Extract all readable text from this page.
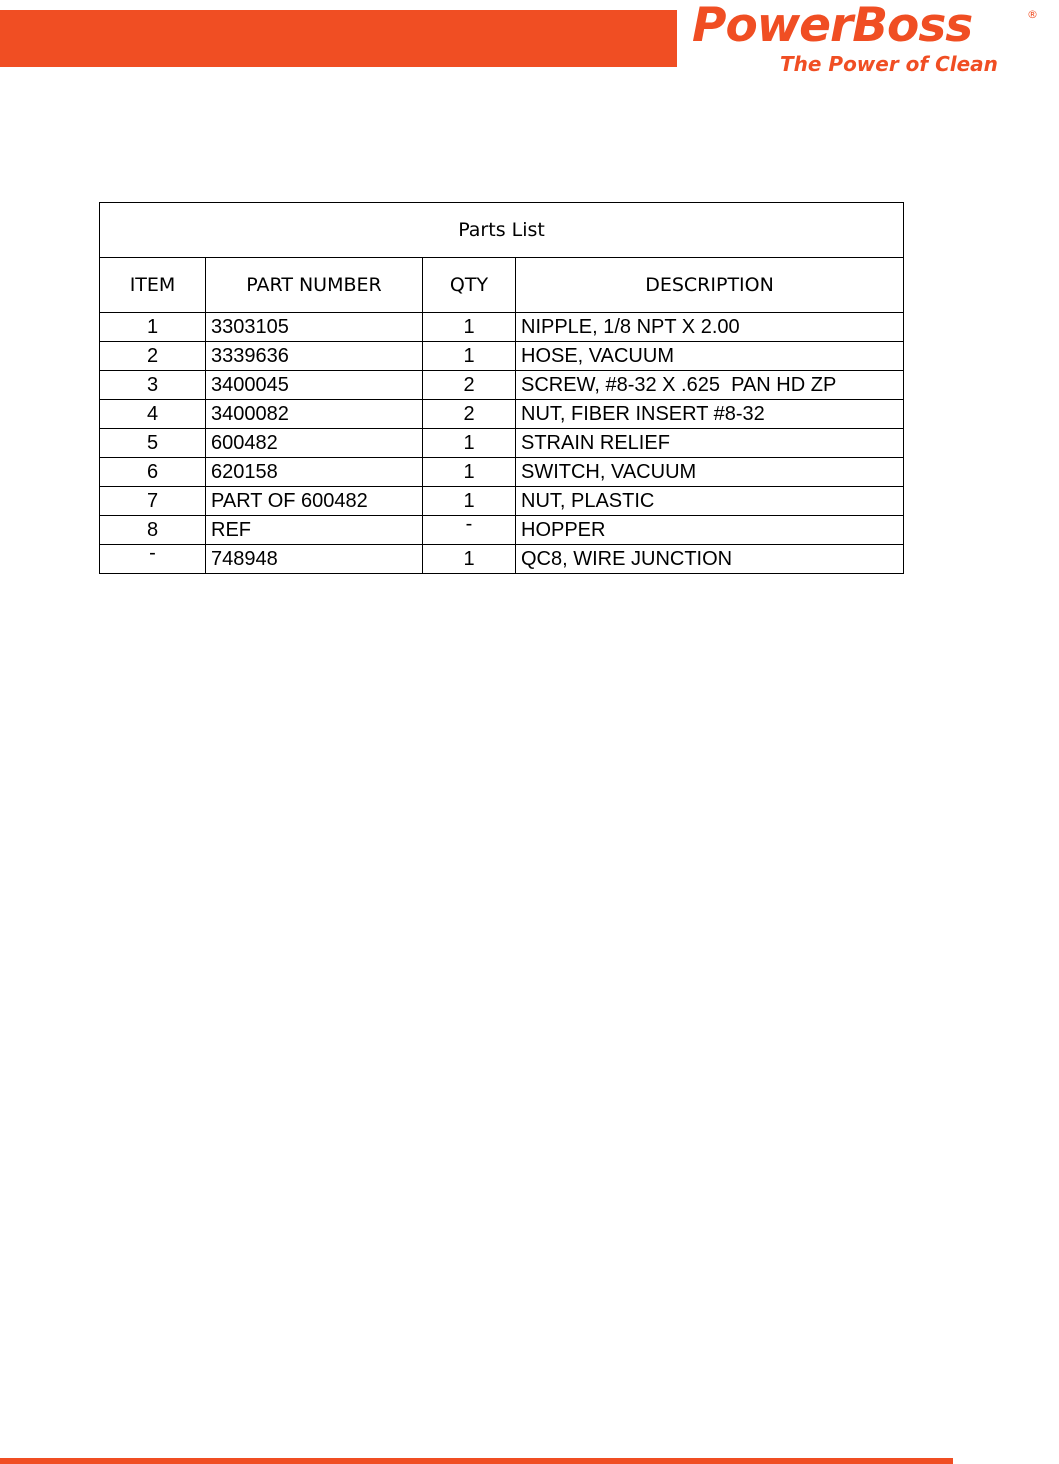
PowerBoss	®
The Power of Clean
Parts List			
ITEM	PART NUMBER	QTY	DESCRIPTION
1	3303105	1	NIPPLE, 1/8 NPT X 2.00
2	3339636	1	HOSE, VACUUM
3	3400045	2	SCREW, #8-32 X .625  PAN HD ZP
4	3400082	2	NUT, FIBER INSERT #8-32
5	600482	1	STRAIN RELIEF
6	620158	1	SWITCH, VACUUM
7	PART OF 600482	1	NUT, PLASTIC
8	REF	-	HOPPER
-	748948	1	QC8, WIRE JUNCTION
